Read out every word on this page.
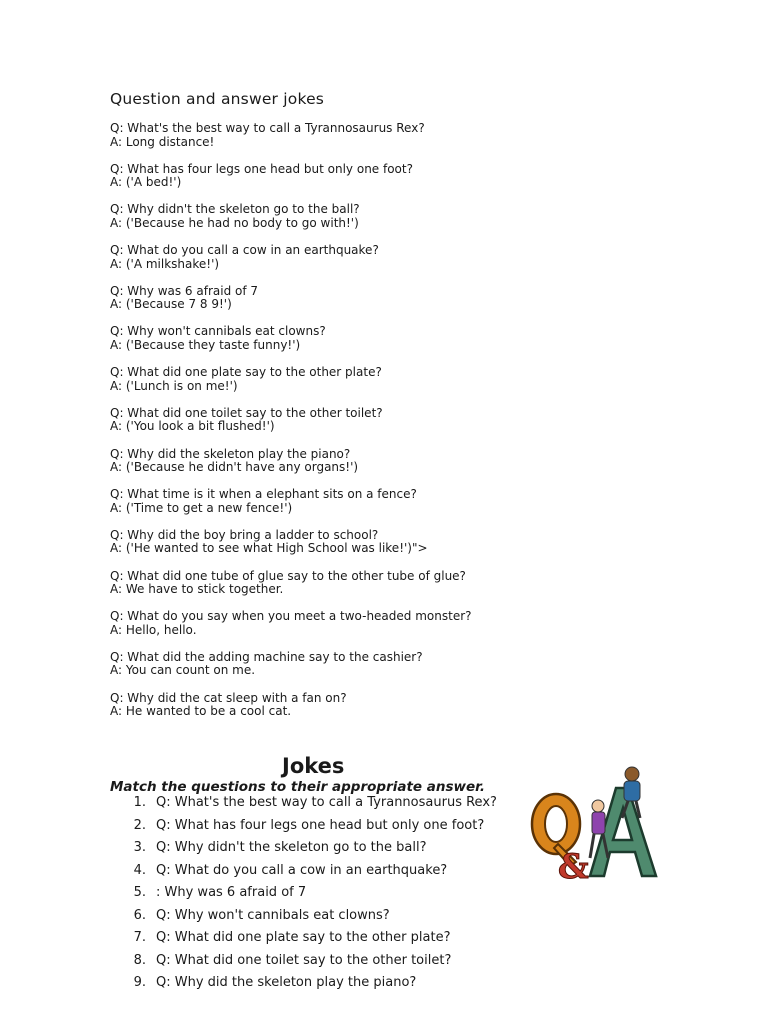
Question and answer jokes
Q: What's the best way to call a Tyrannosaurus Rex?
A: Long distance!
Q: What has four legs one head but only one foot?
A: ('A bed!')
Q: Why didn't the skeleton go to the ball?
A: ('Because he had no body to go with!')
Q: What do you call a cow in an earthquake?
A: ('A milkshake!')
Q: Why was 6 afraid of 7
A: ('Because 7 8 9!')
Q: Why won't cannibals eat clowns?
A: ('Because they taste funny!')
Q: What did one plate say to the other plate?
A: ('Lunch is on me!')
Q: What did one toilet say to the other toilet?
A: ('You look a bit flushed!')
Q: Why did the skeleton play the piano?
A: ('Because he didn't have any organs!')
Q: What time is it when a elephant sits on a fence?
A: ('Time to get a new fence!')
Q: Why did the boy bring a ladder to school?
A: ('He wanted to see what High School was like!')">
Q: What did one tube of glue say to the other tube of glue?
A: We have to stick together.
Q: What do you say when you meet a two-headed monster?
A: Hello, hello.
Q: What did the adding machine say to the cashier?
A: You can count on me.
Q: Why did the cat sleep with a fan on?
A: He wanted to be a cool cat.
Jokes
Match the questions to their appropriate answer.
1. Q: What's the best way to call a Tyrannosaurus Rex?
2. Q: What has four legs one head but only one foot?
3. Q: Why didn't the skeleton go to the ball?
4. Q: What do you call a cow in an earthquake?
5. : Why was 6 afraid of 7
6. Q: Why won't cannibals eat clowns?
7. Q: What did one plate say to the other plate?
8. Q: What did one toilet say to the other toilet?
9. Q: Why did the skeleton play the piano?
&
